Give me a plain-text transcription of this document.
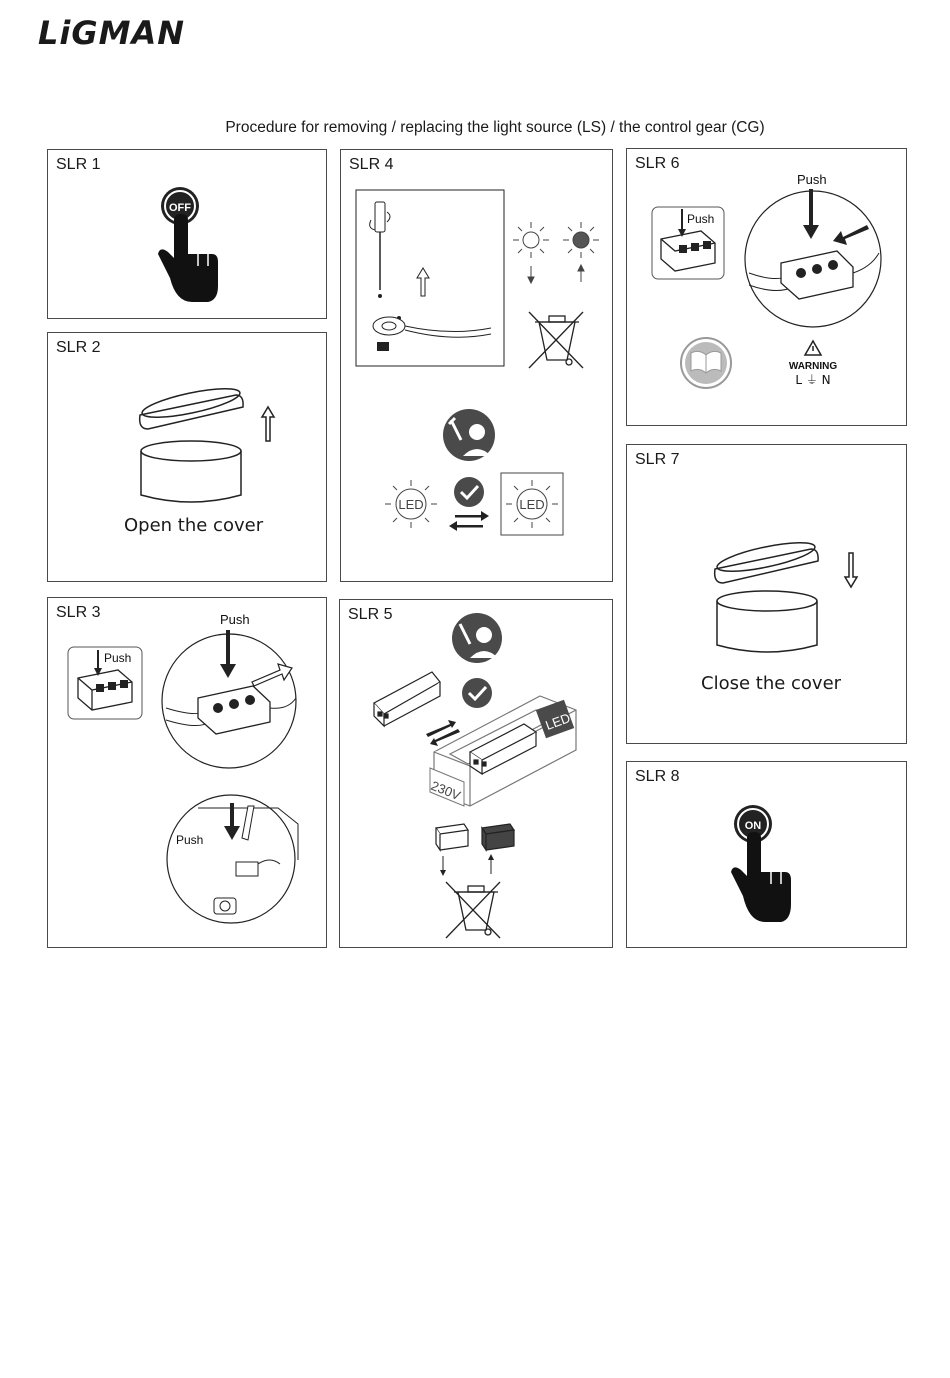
LiGMAN
Procedure for removing / replacing the light source (LS) / the control gear (CG)
OFF
SLR 1
SLR 2
Open the cover
Push
Push
Push
SLR 3
LED	LED
SLR 4
LED
230V
SLR 5
Push
Push
WARNING
L ⏚ N
SLR 6
SLR 7
Close the cover
ON
SLR 8
